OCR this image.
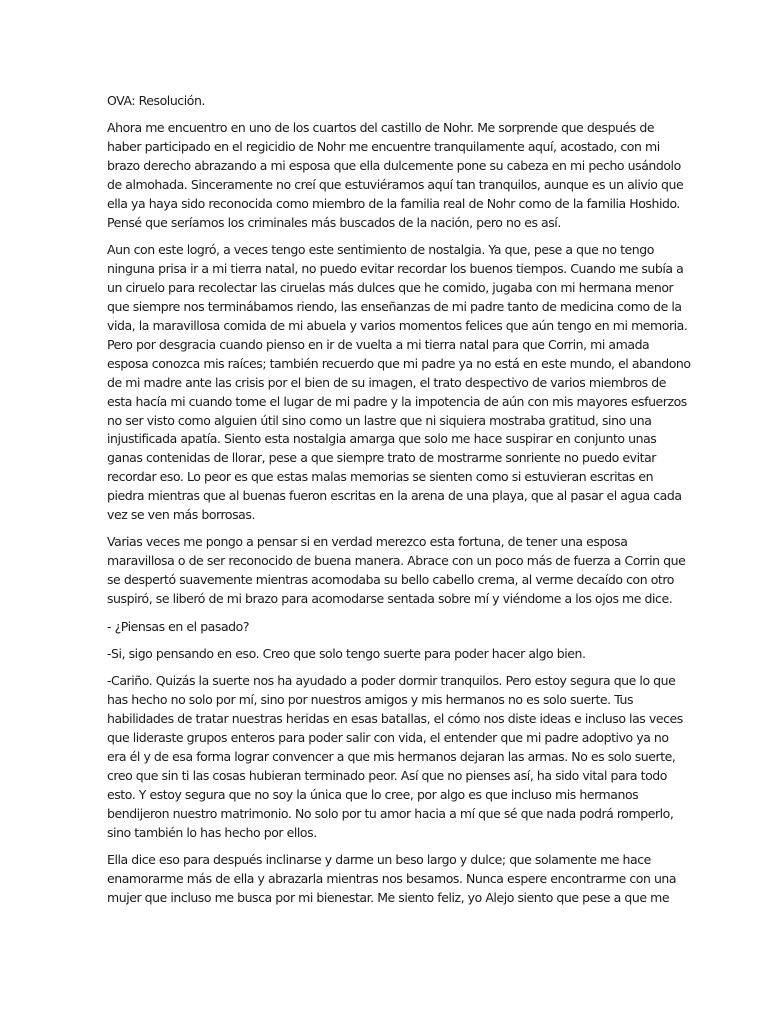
OVA: Resolución.

Ahora me encuentro en uno de los cuartos del castillo de Nohr. Me sorprende que después de
haber participado en el regicidio de Nohr me encuentre tranquilamente aquí, acostado, con mi
brazo derecho abrazando a mi esposa que ella dulcemente pone su cabeza en mi pecho usándolo
de almohada. Sinceramente no creí que estuviéramos aquí tan tranquilos, aunque es un alivio que
ella ya haya sido reconocida como miembro de la familia real de Nohr como de la familia Hoshido.
Pensé que seríamos los criminales más buscados de la nación, pero no es así.

Aun con este logró, a veces tengo este sentimiento de nostalgia. Ya que, pese a que no tengo
ninguna prisa ir a mi tierra natal, no puedo evitar recordar los buenos tiempos. Cuando me subía a
un ciruelo para recolectar las ciruelas más dulces que he comido, jugaba con mi hermana menor
que siempre nos terminábamos riendo, las enseñanzas de mi padre tanto de medicina como de la
vida, la maravillosa comida de mi abuela y varios momentos felices que aún tengo en mi memoria.
Pero por desgracia cuando pienso en ir de vuelta a mi tierra natal para que Corrin, mi amada
esposa conozca mis raíces; también recuerdo que mi padre ya no está en este mundo, el abandono
de mi madre ante las crisis por el bien de su imagen, el trato despectivo de varios miembros de
esta hacía mi cuando tome el lugar de mi padre y la impotencia de aún con mis mayores esfuerzos
no ser visto como alguien útil sino como un lastre que ni siquiera mostraba gratitud, sino una
injustificada apatía. Siento esta nostalgia amarga que solo me hace suspirar en conjunto unas
ganas contenidas de llorar, pese a que siempre trato de mostrarme sonriente no puedo evitar
recordar eso. Lo peor es que estas malas memorias se sienten como si estuvieran escritas en
piedra mientras que al buenas fueron escritas en la arena de una playa, que al pasar el agua cada
vez se ven más borrosas.

Varias veces me pongo a pensar si en verdad merezco esta fortuna, de tener una esposa
maravillosa o de ser reconocido de buena manera. Abrace con un poco más de fuerza a Corrin que
se despertó suavemente mientras acomodaba su bello cabello crema, al verme decaído con otro
suspiró, se liberó de mi brazo para acomodarse sentada sobre mí y viéndome a los ojos me dice.

- ¿Piensas en el pasado?

-Si, sigo pensando en eso. Creo que solo tengo suerte para poder hacer algo bien.

-Cariño. Quizás la suerte nos ha ayudado a poder dormir tranquilos. Pero estoy segura que lo que
has hecho no solo por mí, sino por nuestros amigos y mis hermanos no es solo suerte. Tus
habilidades de tratar nuestras heridas en esas batallas, el cómo nos diste ideas e incluso las veces
que lideraste grupos enteros para poder salir con vida, el entender que mi padre adoptivo ya no
era él y de esa forma lograr convencer a que mis hermanos dejaran las armas. No es solo suerte,
creo que sin ti las cosas hubieran terminado peor. Así que no pienses así, ha sido vital para todo
esto. Y estoy segura que no soy la única que lo cree, por algo es que incluso mis hermanos
bendijeron nuestro matrimonio. No solo por tu amor hacia a mí que sé que nada podrá romperlo,
sino también lo has hecho por ellos.

Ella dice eso para después inclinarse y darme un beso largo y dulce; que solamente me hace
enamorarme más de ella y abrazarla mientras nos besamos. Nunca espere encontrarme con una
mujer que incluso me busca por mi bienestar. Me siento feliz, yo Alejo siento que pese a que me
